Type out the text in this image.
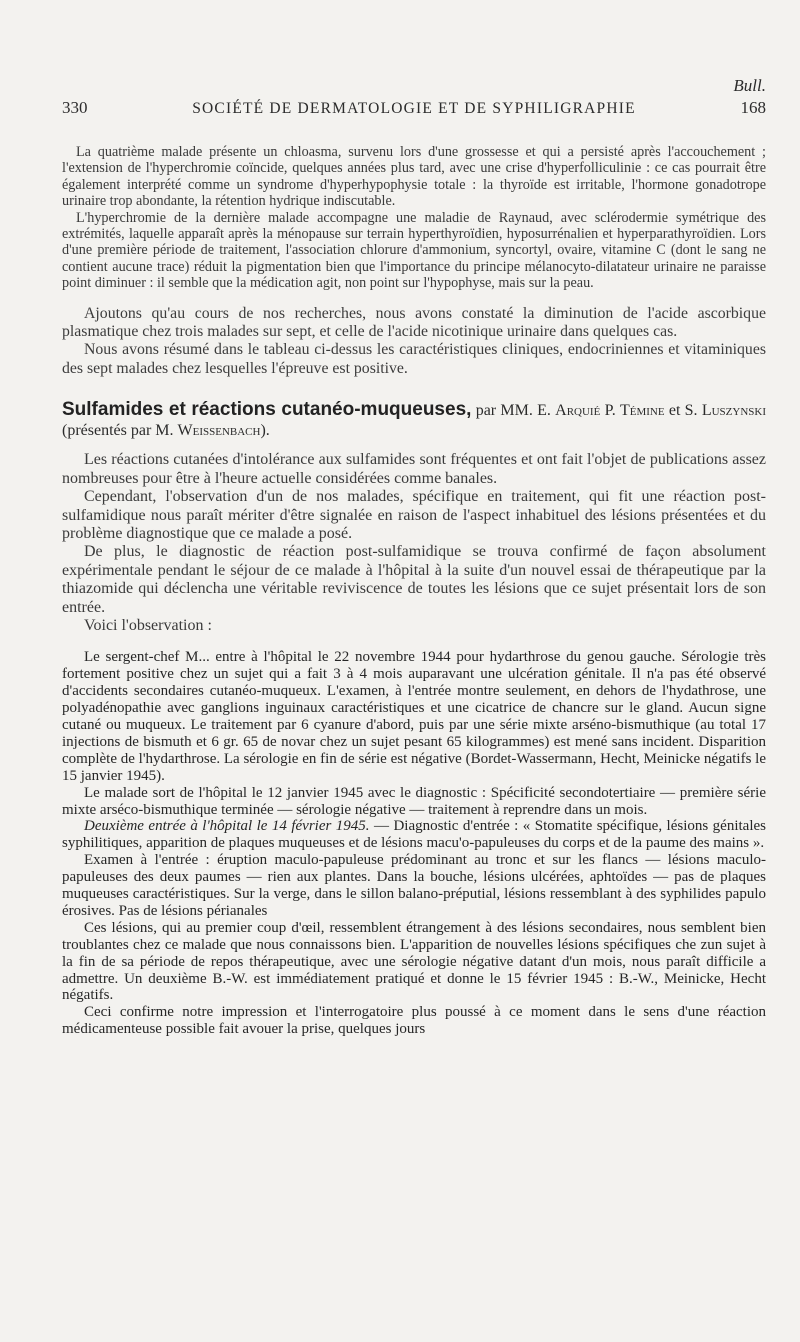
Bull.
330	SOCIÉTÉ DE DERMATOLOGIE ET DE SYPHILIGRAPHIE	168

La quatrième malade présente un chloasma, survenu lors d'une grossesse et qui a persisté après l'accouchement ; l'extension de l'hyperchromie coïncide, quelques années plus tard, avec une crise d'hyperfolliculinie : ce cas pourrait être également interprété comme un syndrome d'hyperhypophysie totale : la thyroïde est irritable, l'hormone gonadotrope urinaire trop abondante, la rétention hydrique indiscutable.

L'hyperchromie de la dernière malade accompagne une maladie de Raynaud, avec sclérodermie symétrique des extrémités, laquelle apparaît après la ménopause sur terrain hyperthyroïdien, hyposurrénalien et hyperparathyroïdien. Lors d'une première période de traitement, l'association chlorure d'ammonium, syncortyl, ovaire, vitamine C (dont le sang ne contient aucune trace) réduit la pigmentation bien que l'importance du principe mélanocyto-dilatateur urinaire ne paraisse point diminuer : il semble que la médication agit, non point sur l'hypophyse, mais sur la peau.

Ajoutons qu'au cours de nos recherches, nous avons constaté la diminution de l'acide ascorbique plasmatique chez trois malades sur sept, et celle de l'acide nicotinique urinaire dans quelques cas.

Nous avons résumé dans le tableau ci-dessus les caractéristiques cliniques, endocriniennes et vitaminiques des sept malades chez lesquelles l'épreuve est positive.

Sulfamides et réactions cutanéo-muqueuses, par MM. E. Arquié P. Témine et S. Luszynski (présentés par M. Weissenbach).

Les réactions cutanées d'intolérance aux sulfamides sont fréquentes et ont fait l'objet de publications assez nombreuses pour être à l'heure actuelle considérées comme banales.

Cependant, l'observation d'un de nos malades, spécifique en traitement, qui fit une réaction post-sulfamidique nous paraît mériter d'être signalée en raison de l'aspect inhabituel des lésions présentées et du problème diagnostique que ce malade a posé.

De plus, le diagnostic de réaction post-sulfamidique se trouva confirmé de façon absolument expérimentale pendant le séjour de ce malade à l'hôpital à la suite d'un nouvel essai de thérapeutique par la thiazomide qui déclencha une véritable reviviscence de toutes les lésions que ce sujet présentait lors de son entrée.

Voici l'observation :

Le sergent-chef M... entre à l'hôpital le 22 novembre 1944 pour hydarthrose du genou gauche. Sérologie très fortement positive chez un sujet qui a fait 3 à 4 mois auparavant une ulcération génitale. Il n'a pas été observé d'accidents secondaires cutanéo-muqueux. L'examen, à l'entrée montre seulement, en dehors de l'hydathrose, une polyadénopathie avec ganglions inguinaux caractéristiques et une cicatrice de chancre sur le gland. Aucun signe cutané ou muqueux. Le traitement par 6 cyanure d'abord, puis par une série mixte arséno-bismuthique (au total 17 injections de bismuth et 6 gr. 65 de novar chez un sujet pesant 65 kilogrammes) est mené sans incident. Disparition complète de l'hydarthrose. La sérologie en fin de série est négative (Bordet-Wassermann, Hecht, Meinicke négatifs le 15 janvier 1945).

Le malade sort de l'hôpital le 12 janvier 1945 avec le diagnostic : Spécificité secondotertiaire — première série mixte arséco-bismuthique terminée — sérologie négative — traitement à reprendre dans un mois.

Deuxième entrée à l'hôpital le 14 février 1945. — Diagnostic d'entrée : « Stomatite spécifique, lésions génitales syphilitiques, apparition de plaques muqueuses et de lésions macu'o-papuleuses du corps et de la paume des mains ».

Examen à l'entrée : éruption maculo-papuleuse prédominant au tronc et sur les flancs — lésions maculo-papuleuses des deux paumes — rien aux plantes. Dans la bouche, lésions ulcérées, aphtoïdes — pas de plaques muqueuses caractéristiques. Sur la verge, dans le sillon balano-préputial, lésions ressemblant à des syphilides papulo érosives. Pas de lésions périanales

Ces lésions, qui au premier coup d'œil, ressemblent étrangement à des lésions secondaires, nous semblent bien troublantes chez ce malade que nous connaissons bien. L'apparition de nouvelles lésions spécifiques che zun sujet à la fin de sa période de repos thérapeutique, avec une sérologie négative datant d'un mois, nous paraît difficile a admettre. Un deuxième B.-W. est immédiatement pratiqué et donne le 15 février 1945 : B.-W., Meinicke, Hecht négatifs.

Ceci confirme notre impression et l'interrogatoire plus poussé à ce moment dans le sens d'une réaction médicamenteuse possible fait avouer la prise, quelques jours
